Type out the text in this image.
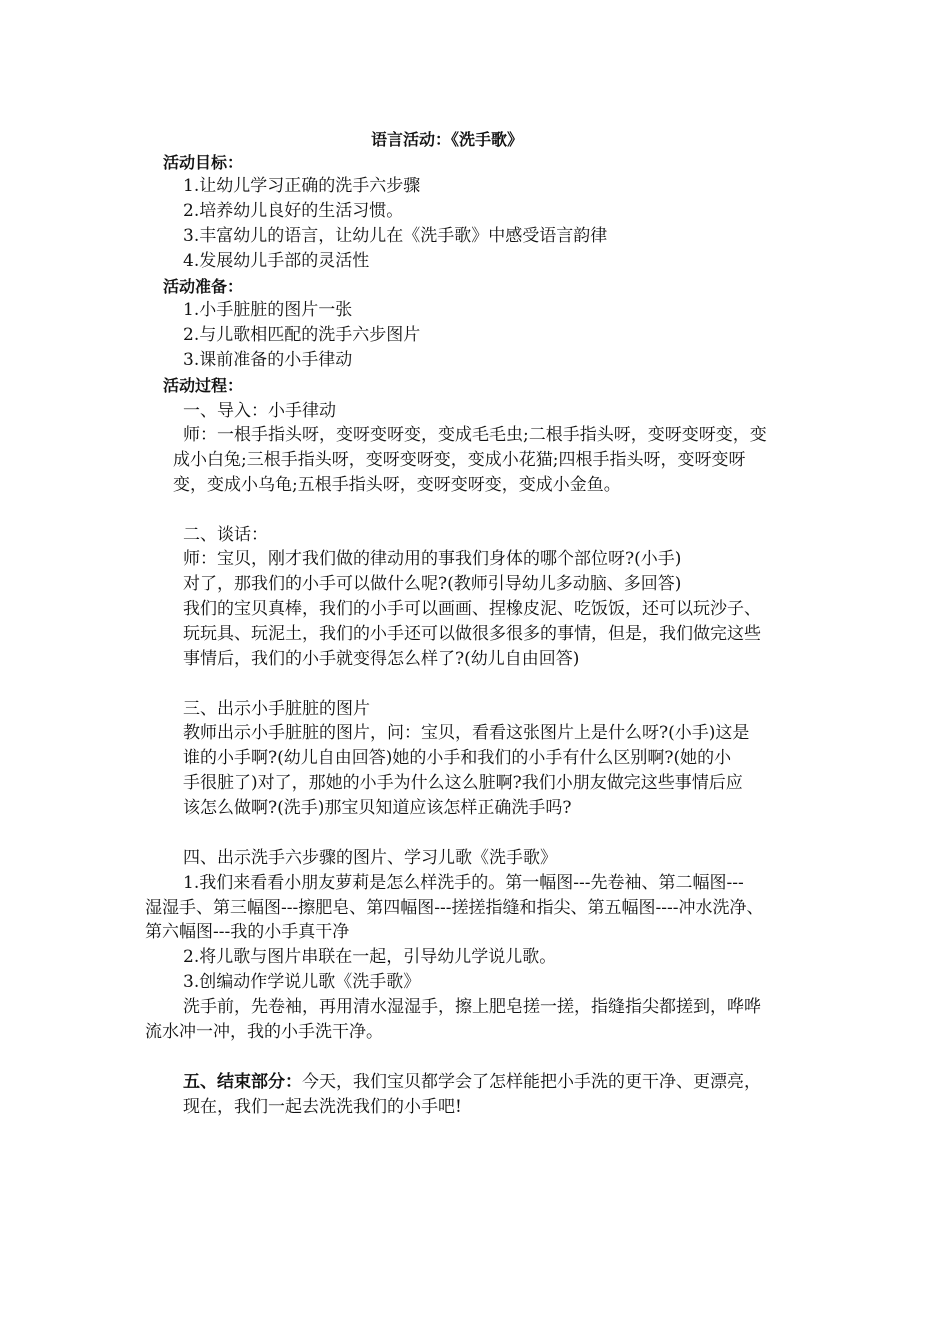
语言活动：《洗手歌》
活动目标：
1.让幼儿学习正确的洗手六步骤
2.培养幼儿良好的生活习惯。
3.丰富幼儿的语言，让幼儿在《洗手歌》中感受语言韵律
4.发展幼儿手部的灵活性
活动准备：
1.小手脏脏的图片一张
2.与儿歌相匹配的洗手六步图片
3.课前准备的小手律动
活动过程：
一、导入：小手律动
师：一根手指头呀，变呀变呀变，变成毛毛虫;二根手指头呀，变呀变呀变，变
成小白兔;三根手指头呀，变呀变呀变，变成小花猫;四根手指头呀，变呀变呀
变，变成小乌龟;五根手指头呀，变呀变呀变，变成小金鱼。
二、谈话：
师：宝贝，刚才我们做的律动用的事我们身体的哪个部位呀?(小手)
对了，那我们的小手可以做什么呢?(教师引导幼儿多动脑、多回答)
我们的宝贝真棒，我们的小手可以画画、捏橡皮泥、吃饭饭，还可以玩沙子、
玩玩具、玩泥土，我们的小手还可以做很多很多的事情，但是，我们做完这些
事情后，我们的小手就变得怎么样了?(幼儿自由回答)
三、出示小手脏脏的图片
教师出示小手脏脏的图片，问：宝贝，看看这张图片上是什么呀?(小手)这是
谁的小手啊?(幼儿自由回答)她的小手和我们的小手有什么区别啊?(她的小
手很脏了)对了，那她的小手为什么这么脏啊?我们小朋友做完这些事情后应
该怎么做啊?(洗手)那宝贝知道应该怎样正确洗手吗?
四、出示洗手六步骤的图片、学习儿歌《洗手歌》
1.我们来看看小朋友萝莉是怎么样洗手的。第一幅图---先卷袖、第二幅图---
湿湿手、第三幅图---擦肥皂、第四幅图---搓搓指缝和指尖、第五幅图----冲水洗净、
第六幅图---我的小手真干净
2.将儿歌与图片串联在一起，引导幼儿学说儿歌。
3.创编动作学说儿歌《洗手歌》
洗手前，先卷袖，再用清水湿湿手，擦上肥皂搓一搓，指缝指尖都搓到，哗哗
流水冲一冲，我的小手洗干净。
五、结束部分：今天，我们宝贝都学会了怎样能把小手洗的更干净、更漂亮，
现在，我们一起去洗洗我们的小手吧!
